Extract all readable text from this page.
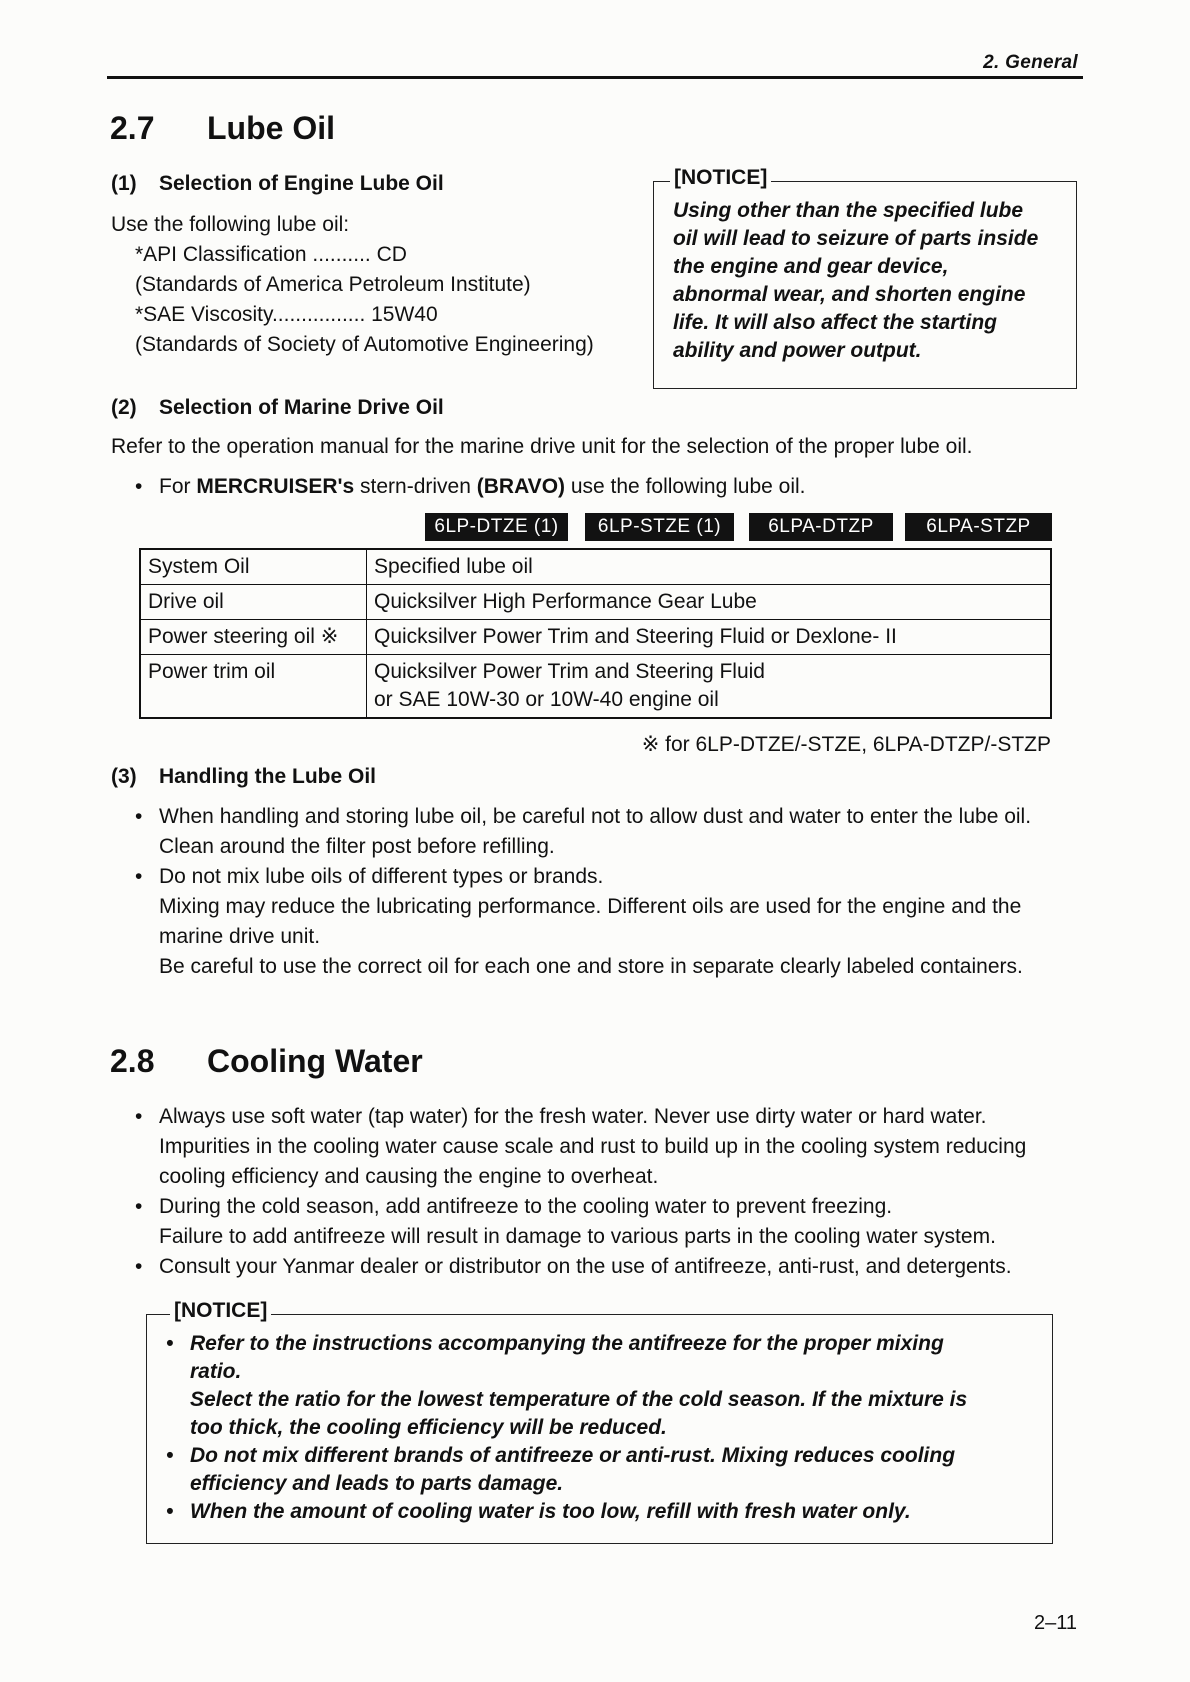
2. General
2.7 Lube Oil
(1) Selection of Engine Lube Oil
Use the following lube oil:
*API Classification .......... CD
(Standards of America Petroleum Institute)
*SAE Viscosity................ 15W40
(Standards of Society of Automotive Engineering)
[NOTICE]
Using other than the specified lube
oil will lead to seizure of parts inside
the engine and gear device,
abnormal wear, and shorten engine
life. It will also affect the starting
ability and power output.
(2) Selection of Marine Drive Oil
Refer to the operation manual for the marine drive unit for the selection of the proper lube oil.
• For MERCRUISER's stern-driven (BRAVO) use the following lube oil.
6LP-DTZE (1)	6LP-STZE (1)	6LPA-DTZP	6LPA-STZP
System Oil	Specified lube oil
Drive oil	Quicksilver High Performance Gear Lube
Power steering oil ※	Quicksilver Power Trim and Steering Fluid or Dexlone- II
Power trim oil	Quicksilver Power Trim and Steering Fluid
or SAE 10W-30 or 10W-40 engine oil
※ for 6LP-DTZE/-STZE, 6LPA-DTZP/-STZP
(3) Handling the Lube Oil
• When handling and storing lube oil, be careful not to allow dust and water to enter the lube oil.
Clean around the filter post before refilling.
• Do not mix lube oils of different types or brands.
Mixing may reduce the lubricating performance. Different oils are used for the engine and the
marine drive unit.
Be careful to use the correct oil for each one and store in separate clearly labeled containers.
2.8 Cooling Water
• Always use soft water (tap water) for the fresh water. Never use dirty water or hard water.
Impurities in the cooling water cause scale and rust to build up in the cooling system reducing
cooling efficiency and causing the engine to overheat.
• During the cold season, add antifreeze to the cooling water to prevent freezing.
Failure to add antifreeze will result in damage to various parts in the cooling water system.
• Consult your Yanmar dealer or distributor on the use of antifreeze, anti-rust, and detergents.
[NOTICE]
• Refer to the instructions accompanying the antifreeze for the proper mixing
ratio.
Select the ratio for the lowest temperature of the cold season. If the mixture is
too thick, the cooling efficiency will be reduced.
• Do not mix different brands of antifreeze or anti-rust. Mixing reduces cooling
efficiency and leads to parts damage.
• When the amount of cooling water is too low, refill with fresh water only.
2–11
